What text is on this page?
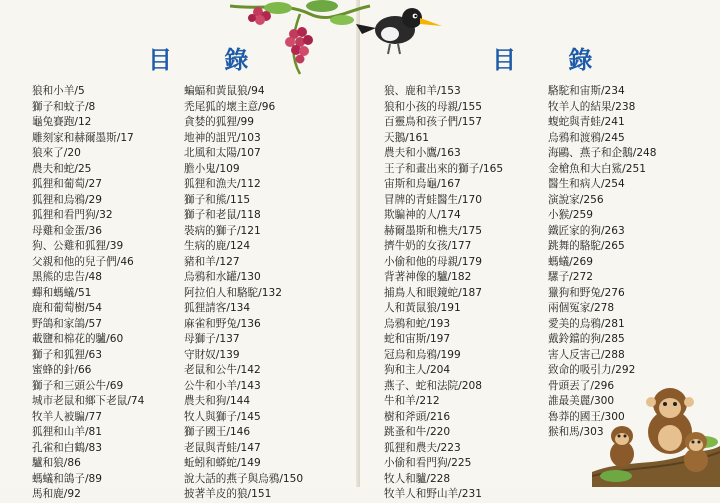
目 錄
狼和小羊/5
獅子和蚊子/8
龜兔賽跑/12
雕刻家和赫爾墨斯/17
狼來了/20
農夫和蛇/25
狐狸和葡萄/27
狐狸和烏鴉/29
狐狸和看門狗/32
母雞和金蛋/36
狗、公雞和狐狸/39
父親和他的兒子們/46
黑熊的忠告/48
蟬和螞蟻/51
鹿和葡萄樹/54
野鴿和家鴿/57
載鹽和棉花的驢/60
獅子和狐狸/63
蜜蜂的針/66
獅子和三頭公牛/69
城市老鼠和鄉下老鼠/74
牧羊人被騙/77
狐狸和山羊/81
孔雀和白鶴/83
驢和狼/86
螞蟻和鴿子/89
馬和鹿/92
蝙蝠和黃鼠狼/94
禿尾狐的壞主意/96
貪婪的狐狸/99
地神的詛咒/103
北風和太陽/107
膽小鬼/109
狐狸和漁夫/112
獅子和熊/115
獅子和老鼠/118
裝病的獅子/121
生病的鹿/124
豬和羊/127
烏鴉和水罐/130
阿拉伯人和駱駝/132
狐狸請客/134
麻雀和野兔/136
母獅子/137
守財奴/139
老鼠和公牛/142
公牛和小羊/143
農夫和狗/144
牧人與獅子/145
獅子國王/146
老鼠與青蛙/147
蚯蚓和蟒蛇/149
說大話的燕子與烏鴉/150
披著羊皮的狼/151
目 錄
狼、鹿和羊/153
狼和小孩的母親/155
百靈鳥和孩子們/157
天鵝/161
農夫和小鷹/163
王子和畫出來的獅子/165
宙斯和烏龜/167
冒牌的青蛙醫生/170
欺騙神的人/174
赫爾墨斯和樵夫/175
擠牛奶的女孩/177
小偷和他的母親/179
背著神像的驢/182
捕鳥人和眼鏡蛇/187
人和黃鼠狼/191
烏鴉和蛇/193
蛇和宙斯/197
冠烏和烏鴉/199
狗和主人/204
燕子、蛇和法院/208
牛和羊/212
樹和斧頭/216
跳蚤和牛/220
狐狸和農夫/223
小偷和看門狗/225
牧人和驢/228
牧羊人和野山羊/231
駱駝和宙斯/234
牧羊人的結果/238
蝮蛇與青蛙/241
烏鴉和渡鴉/245
海鷗、燕子和企鵝/248
金槍魚和大白鯊/251
醫生和病人/254
演說家/256
小猴/259
鐵匠家的狗/263
跳舞的駱駝/265
螞蟻/269
騾子/272
獵狗和野兔/276
兩個冤家/278
愛美的烏鴉/281
戴鈴鐺的狗/285
害人反害己/288
致命的吸引力/292
骨頭丟了/296
誰最美麗/300
魯莽的國王/300
猴和馬/303
